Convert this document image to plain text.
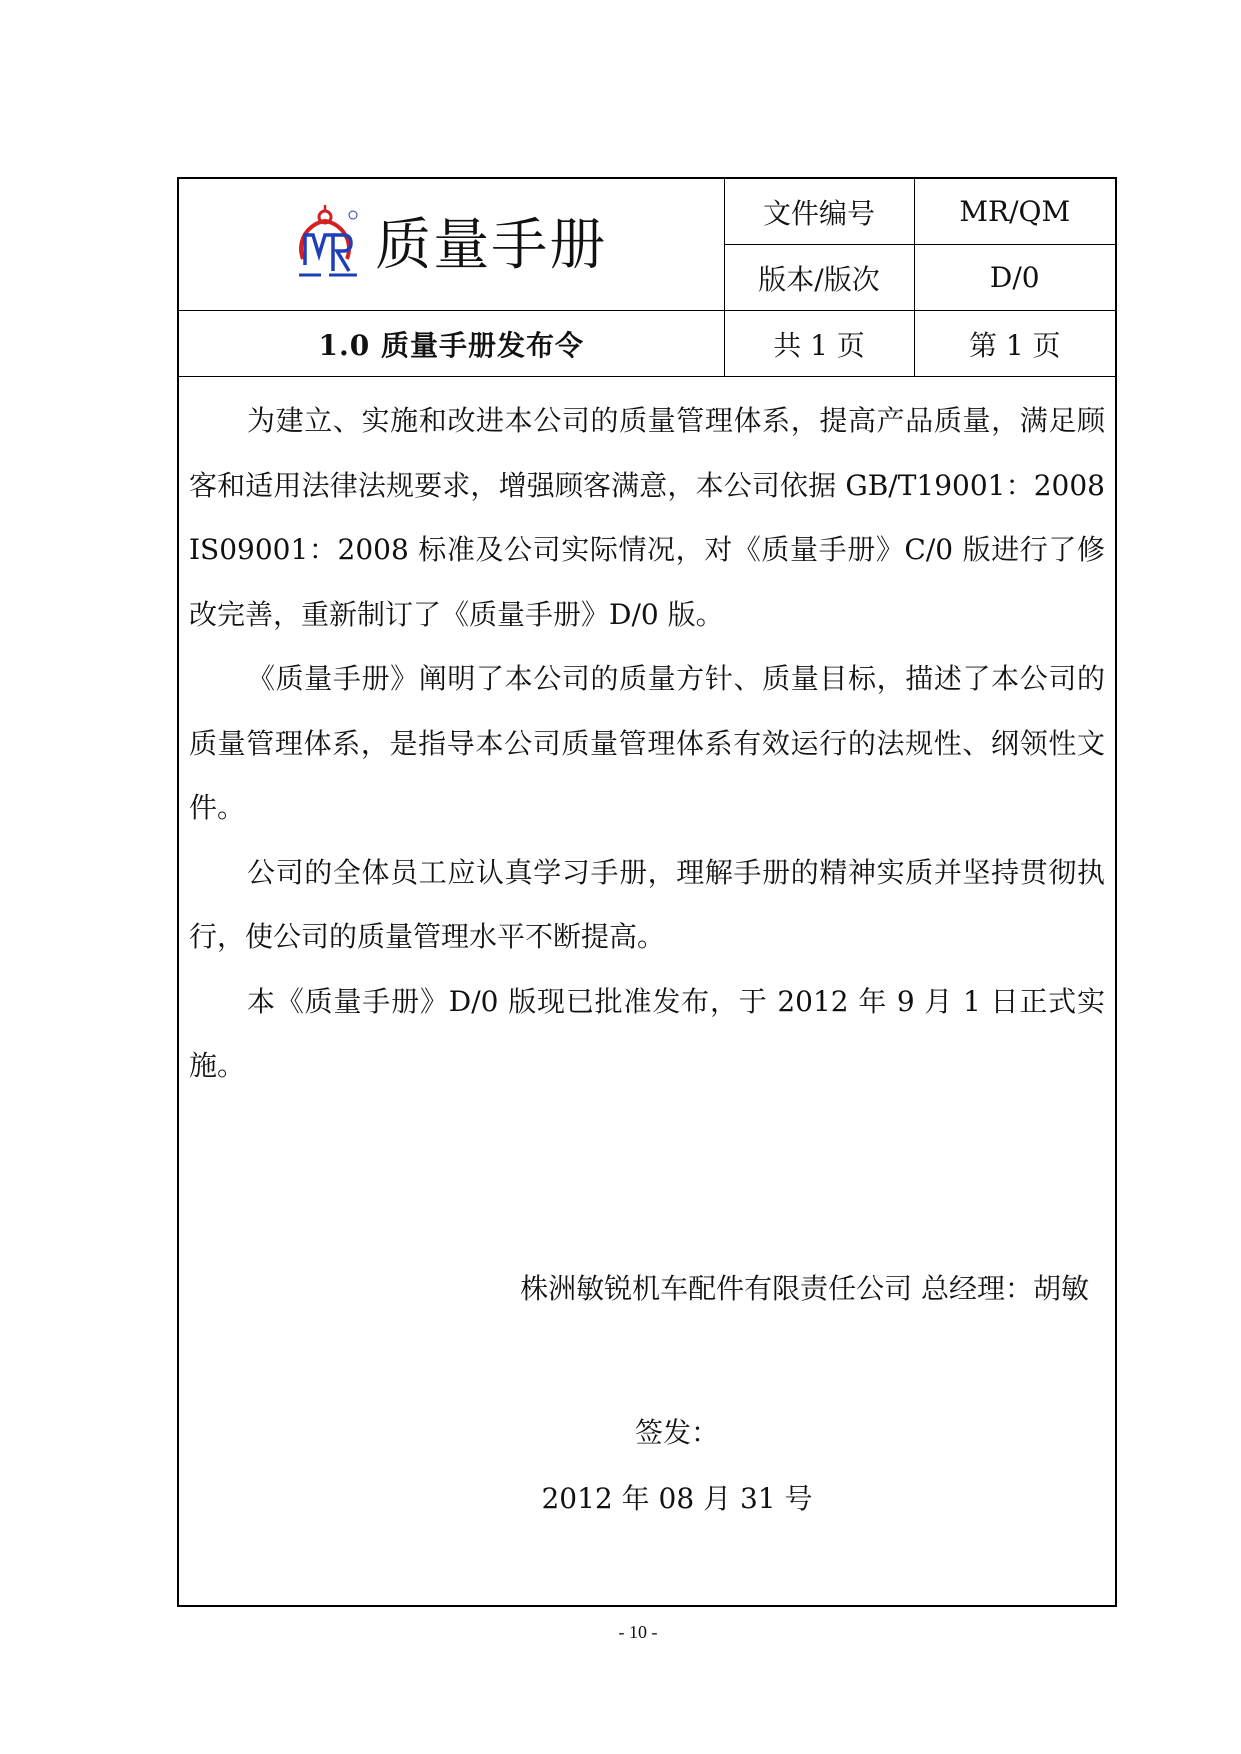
质量手册	文件编号	MR/QM
	版本/版次	D/0
1.0 质量手册发布令	共 1 页	第 1 页

为建立、实施和改进本公司的质量管理体系，提高产品质量，满足顾客和适用法律法规要求，增强顾客满意，本公司依据 GB/T19001：2008 IS09001：2008 标准及公司实际情况，对《质量手册》C/0 版进行了修改完善，重新制订了《质量手册》D/0 版。

《质量手册》阐明了本公司的质量方针、质量目标，描述了本公司的质量管理体系，是指导本公司质量管理体系有效运行的法规性、纲领性文件。

公司的全体员工应认真学习手册，理解手册的精神实质并坚持贯彻执行，使公司的质量管理水平不断提高。

本《质量手册》D/0 版现已批准发布，于 2012 年 9 月 1 日正式实施。

株洲敏锐机车配件有限责任公司 总经理：胡敏
签发：
2012 年 08 月 31 号
- 10 -
